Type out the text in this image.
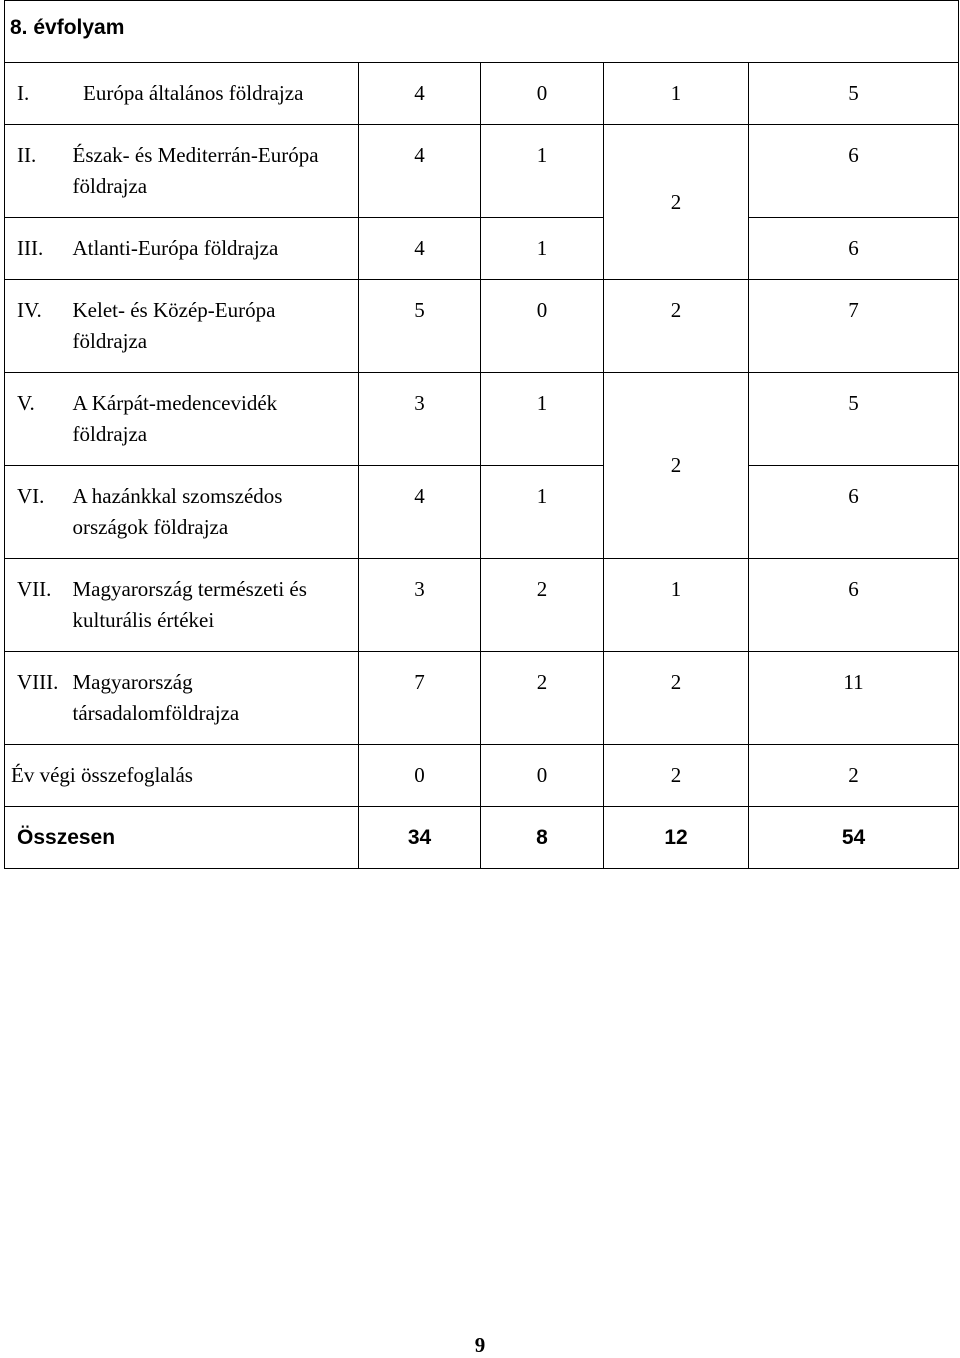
8. évfolyam					

I. Európa általános földrajza		4	0	1	5
II.	Észak- és Mediterrán-Európa földrajza	4	1	2	6
III.	Atlanti-Európa földrajza	4	1		6
IV.	Kelet- és Közép-Európa földrajza	5	0	2	7
V.	A Kárpát-medencevidék földrajza	3	1	2	5
VI.	A hazánkkal szomszédos országok földrajza	4	1		6
VII.	Magyarország természeti és kulturális értékei	3	2	1	6
VIII.	Magyarország társadalomföldrajza	7	2	2	11
Év végi összefoglalás		0	0	2	2
Összesen		34	8	12	54
9
